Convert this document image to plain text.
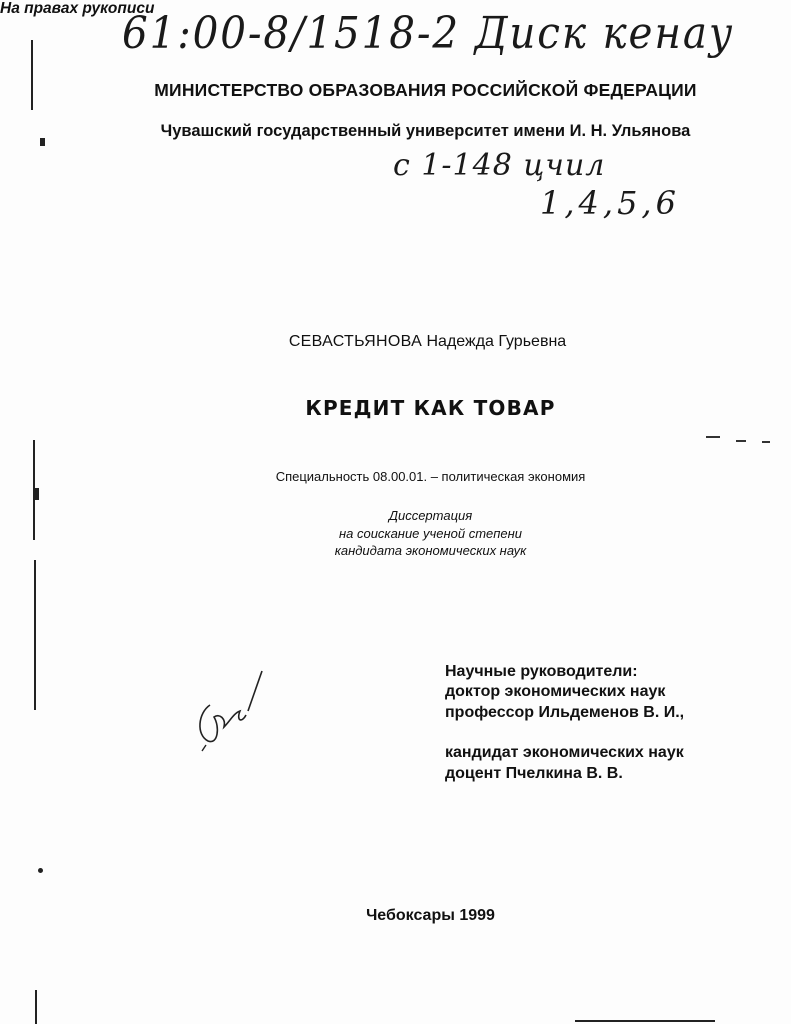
61:00-8/1518-2 Диск кенау
с 1-148 цчил
1,4,5,6
МИНИСТЕРСТВО ОБРАЗОВАНИЯ РОССИЙСКОЙ ФЕДЕРАЦИИ
Чувашский государственный университет имени И. Н. Ульянова
На правах рукописи
СЕВАСТЬЯНОВА Надежда Гурьевна
КРЕДИТ КАК ТОВАР
Специальность 08.00.01. – политическая экономия
Диссертация
на соискание ученой степени
кандидата экономических наук
Научные руководители:
доктор экономических наук
профессор Ильдеменов В. И.,
кандидат экономических наук
доцент Пчелкина В. В.
Чебоксары 1999
